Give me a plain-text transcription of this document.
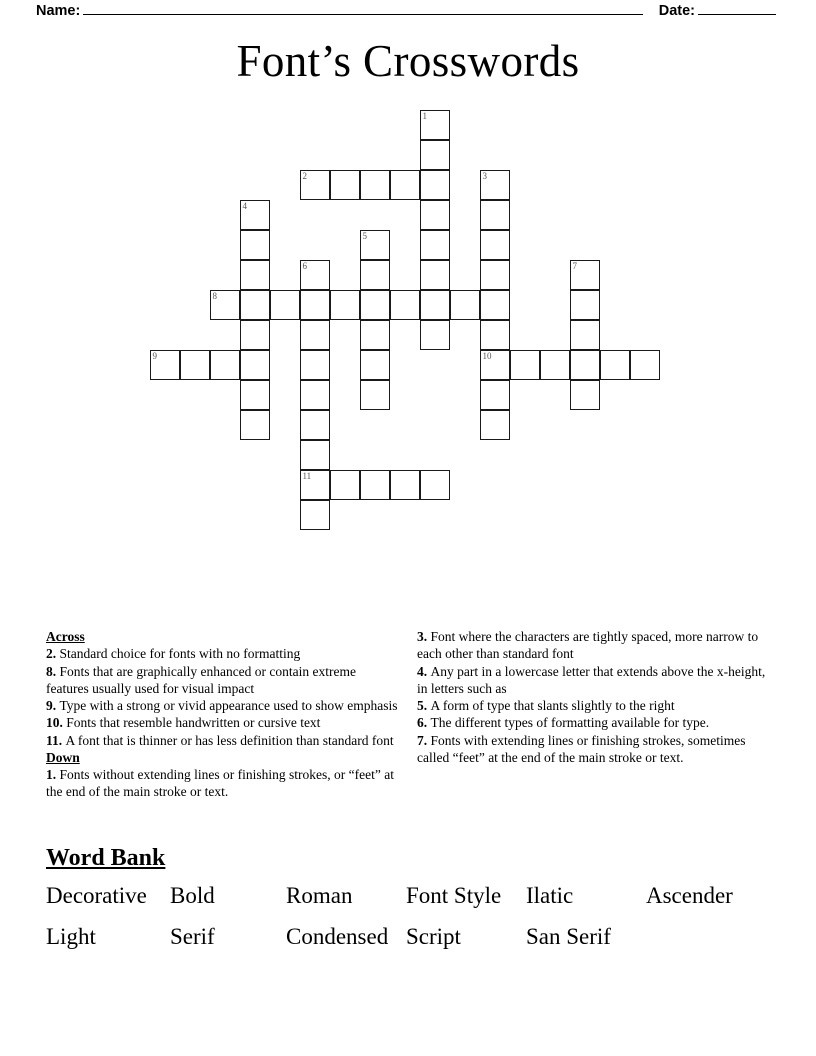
Name:	Date:
Font’s Crosswords
1
2	3
4
5
6	7
8
9	10
11
Across

2. Standard choice for fonts with no formatting

8. Fonts that are graphically enhanced or contain extreme features usually used for visual impact

9. Type with a strong or vivid appearance used to show emphasis

10. Fonts that resemble handwritten or cursive text

11. A font that is thinner or has less definition than standard font

Down

1. Fonts without extending lines or finishing strokes, or “feet” at the end of the main stroke or text.

3. Font where the characters are tightly spaced, more narrow to each other than standard font

4. Any part in a lowercase letter that extends above the x-height, in letters such as

5. A form of type that slants slightly to the right

6. The different types of formatting available for type.

7. Fonts with extending lines or finishing strokes, sometimes called “feet” at the end of the main stroke or text.

Word Bank
Decorative	Bold	Roman	Font Style	Ilatic	Ascender
Light	Serif	Condensed Script	San Serif
